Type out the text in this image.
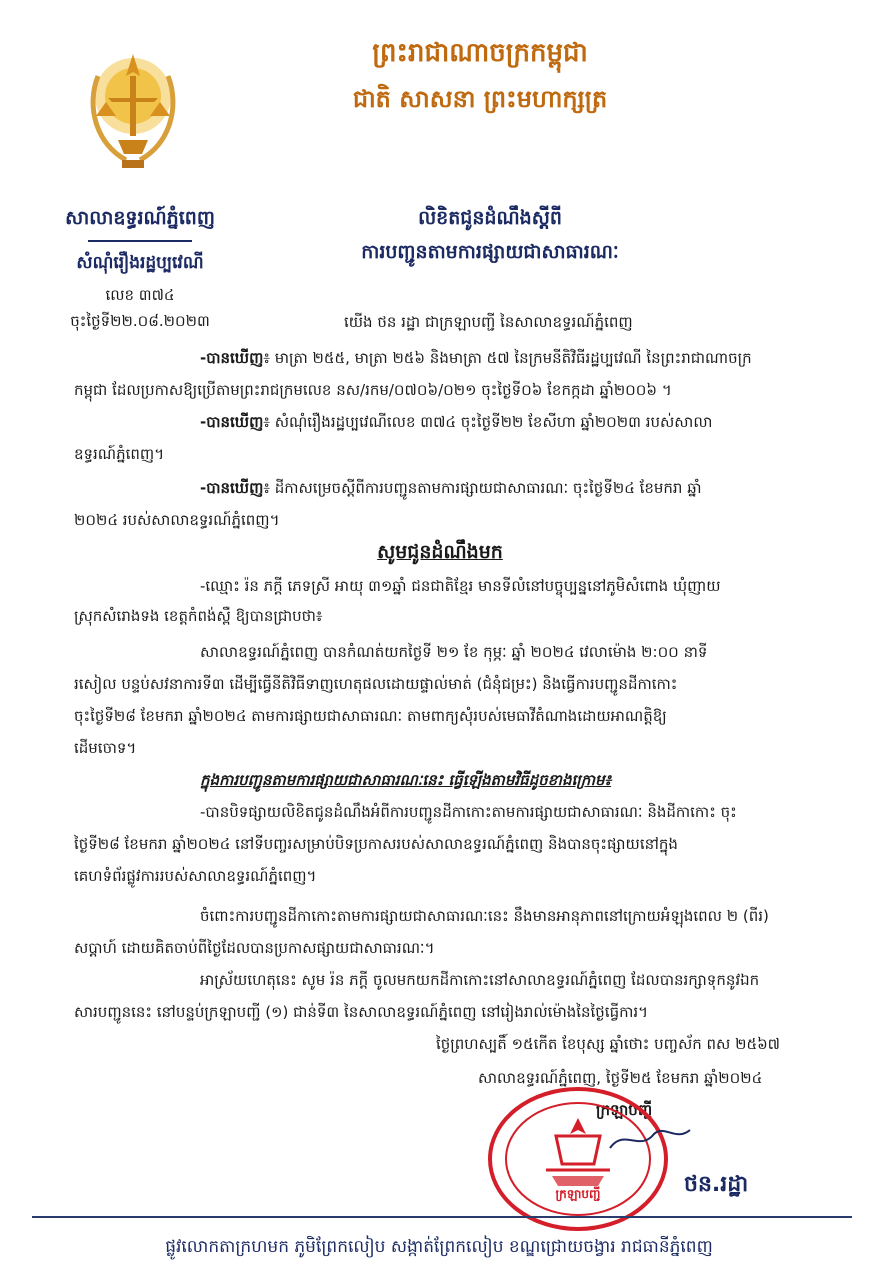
ព្រះរាជាណាចក្រកម្ពុជា
ជាតិ សាសនា ព្រះមហាក្សត្រ
សាលាឧទ្ធរណ៍ភ្នំពេញ
សំណុំរឿងរដ្ឋប្បវេណី
លេខ ៣៧៤
ចុះថ្ងៃទី២២.០៨.២០២៣
លិខិតជូនដំណឹងស្តីពី
ការបញ្ជូនតាមការផ្សាយជាសាធារណៈ
យើង ថន រដ្ឋា ជាក្រឡាបញ្ជី នៃសាលាឧទ្ធរណ៍ភ្នំពេញ
-បានឃើញ៖ មាត្រា ២៥៥, មាត្រា ២៥៦ និងមាត្រា ៥៧ នៃក្រមនីតិវិធីរដ្ឋប្បវេណី នៃព្រះរាជាណាចក្រ
កម្ពុជា ដែលប្រកាសឱ្យប្រើតាមព្រះរាជក្រមលេខ នស/រកម/០៧០៦/០២១ ចុះថ្ងៃទី០៦ ខែកក្កដា ឆ្នាំ២០០៦ ។
-បានឃើញ៖ សំណុំរឿងរដ្ឋប្បវេណីលេខ ៣៧៤ ចុះថ្ងៃទី២២ ខែសីហា ឆ្នាំ២០២៣ របស់សាលា
ឧទ្ធរណ៍ភ្នំពេញ។
-បានឃើញ៖ ដីកាសម្រេចស្តីពីការបញ្ជូនតាមការផ្សាយជាសាធារណៈ ចុះថ្ងៃទី២៤ ខែមករា ឆ្នាំ
២០២៤ របស់សាលាឧទ្ធរណ៍ភ្នំពេញ។
សូមជូនដំណឹងមក
-ឈ្មោះ រ៉ន ភក្តី ភេទស្រី អាយុ ៣១ឆ្នាំ ជនជាតិខ្មែរ មានទីលំនៅបច្ចុប្បន្ននៅភូមិសំពោង ឃុំញាយ
ស្រុកសំរោងទង ខេត្តកំពង់ស្ពឺ ឱ្យបានជ្រាបថា៖
សាលាឧទ្ធរណ៍ភ្នំពេញ បានកំណត់យកថ្ងៃទី ២១ ខែ កុម្ភៈ ឆ្នាំ ២០២៤ វេលាម៉ោង ២:០០ នាទី
រសៀល បន្ទប់សវនាការទី៣ ដើម្បីធ្វើនីតិវិធីទាញហេតុផលដោយផ្ទាល់មាត់ (ជំនុំជម្រះ) និងធ្វើការបញ្ជូនដីកាកោះ
ចុះថ្ងៃទី២៨ ខែមករា ឆ្នាំ២០២៤ តាមការផ្សាយជាសាធារណៈ តាមពាក្យសុំរបស់មេធាវីតំណាងដោយអាណត្តិឱ្យ
ដើមចោទ។
ក្នុងការបញ្ជូនតាមការផ្សាយជាសាធារណៈនេះ ធ្វើឡើងតាមវិធីដូចខាងក្រោម៖
-បានបិទផ្សាយលិខិតជូនដំណឹងអំពីការបញ្ជូនដីកាកោះតាមការផ្សាយជាសាធារណៈ និងដីកាកោះ ចុះ
ថ្ងៃទី២៨ ខែមករា ឆ្នាំ២០២៤ នៅទីបញ្ចរសម្រាប់បិទប្រកាសរបស់សាលាឧទ្ធរណ៍ភ្នំពេញ និងបានចុះផ្សាយនៅក្នុង
គេហទំព័រផ្លូវការរបស់សាលាឧទ្ធរណ៍ភ្នំពេញ។
ចំពោះការបញ្ជូនដីកាកោះតាមការផ្សាយជាសាធារណៈនេះ នឹងមានអានុភាពនៅក្រោយអំឡុងពេល ២ (ពីរ)
សប្តាហ៍ ដោយគិតចាប់ពីថ្ងៃដែលបានប្រកាសផ្សាយជាសាធារណៈ។
អាស្រ័យហេតុនេះ សូម រ៉ន ភក្តី ចូលមកយកដីកាកោះនៅសាលាឧទ្ធរណ៍ភ្នំពេញ ដែលបានរក្សាទុកនូវឯក
សារបញ្ជូននេះ នៅបន្ទប់ក្រឡាបញ្ជី (១) ជាន់ទី៣ នៃសាលាឧទ្ធរណ៍ភ្នំពេញ នៅរៀងរាល់ម៉ោងនៃថ្ងៃធ្វើការ។
ថ្ងៃព្រហស្បតិ៍ ១៥កើត ខែបុស្ស ឆ្នាំថោះ បញ្ចស័ក ពស ២៥៦៧
សាលាឧទ្ធរណ៍ភ្នំពេញ, ថ្ងៃទី២៥ ខែមករា ឆ្នាំ២០២៤
ក្រឡាបញ្ជី
ក្រឡាបញ្ជី	ថន.រដ្ឋា
ផ្លូវលោកតាក្រហមក ភូមិព្រែកលៀប សង្កាត់ព្រែកលៀប ខណ្ឌជ្រោយចង្វារ រាជធានីភ្នំពេញ
